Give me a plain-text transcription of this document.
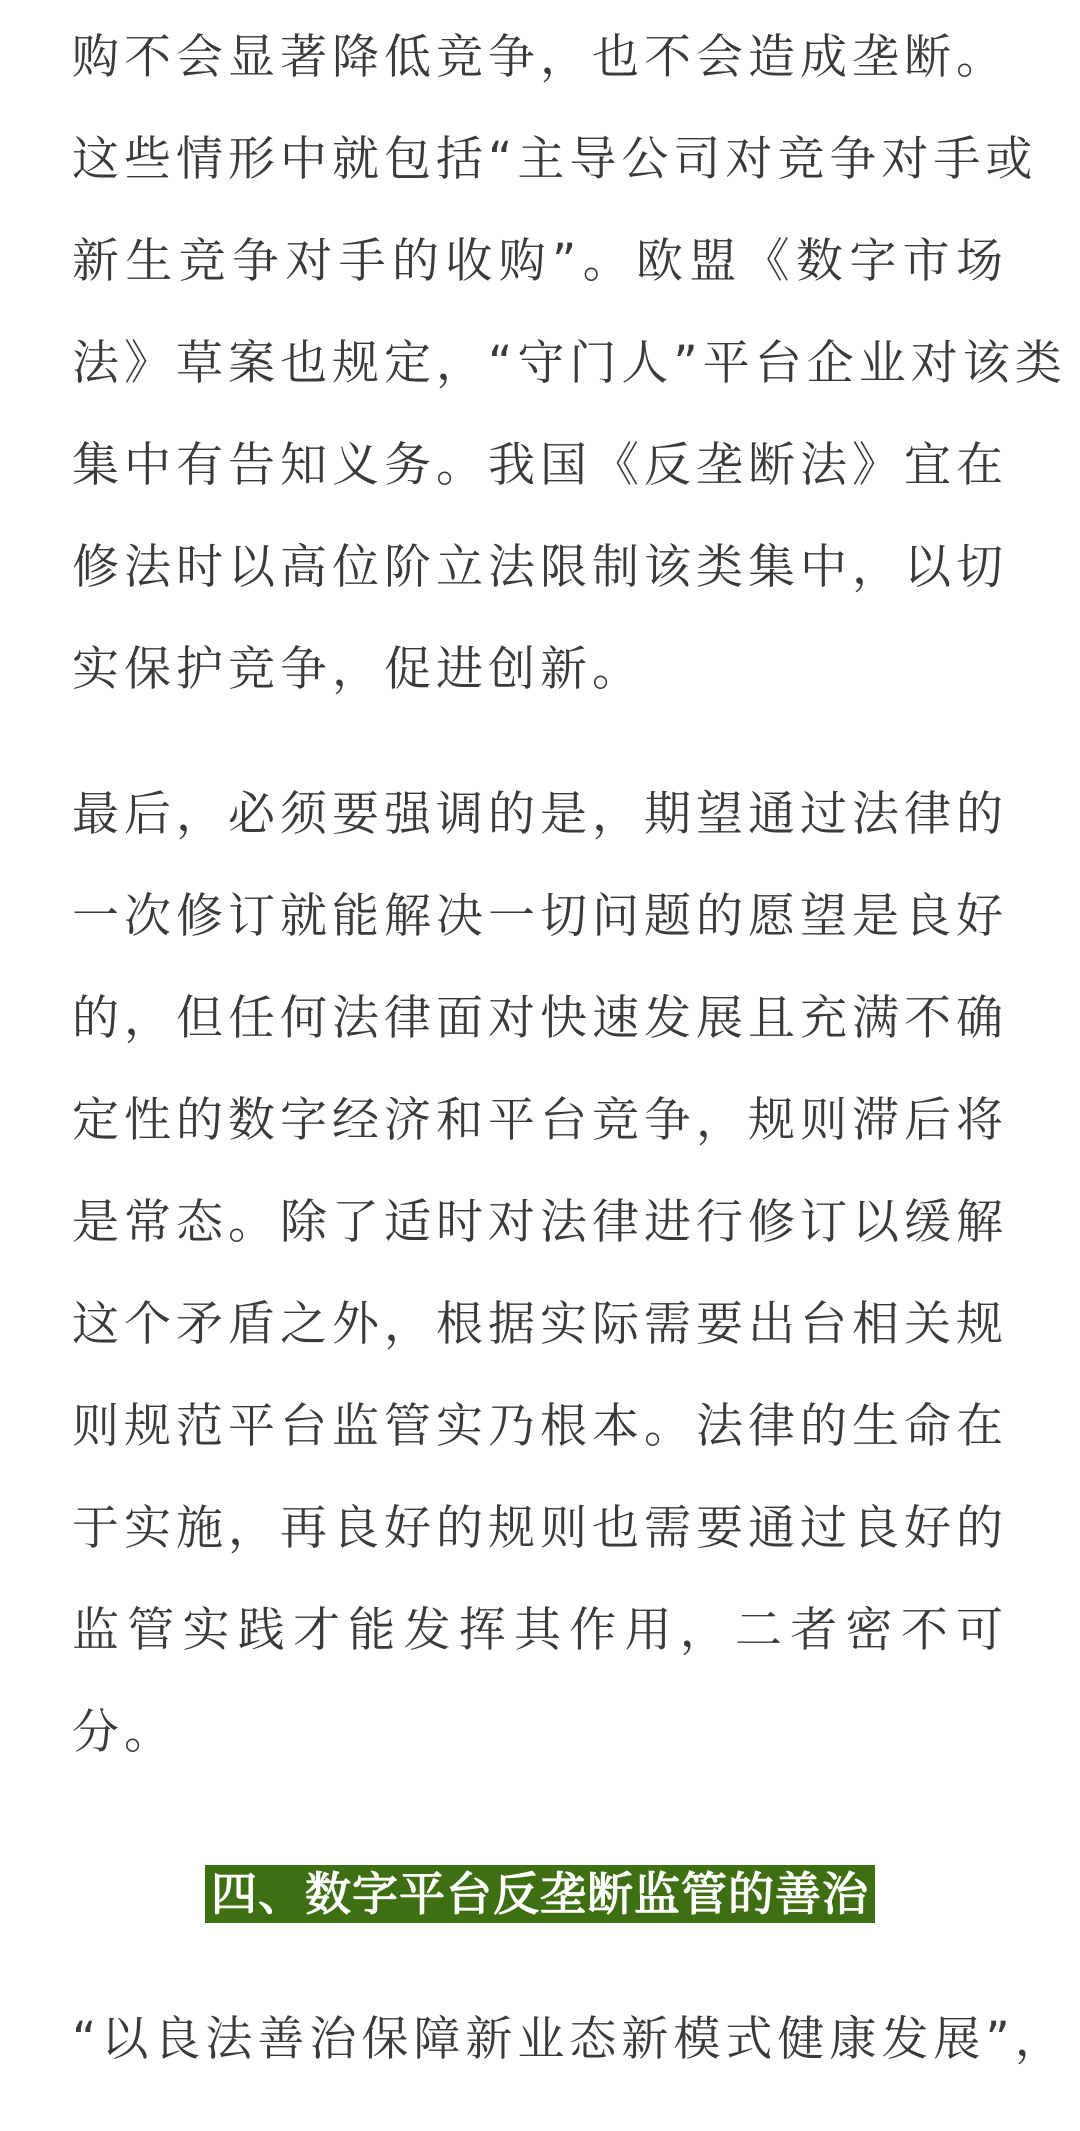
购不会显著降低竞争，也不会造成垄断。
这些情形中就包括“主导公司对竞争对手或
新生竞争对手的收购”。欧盟《数字市场
法》草案也规定，“守门人”平台企业对该类
集中有告知义务。我国《反垄断法》宜在
修法时以高位阶立法限制该类集中，以切
实保护竞争，促进创新。

最后，必须要强调的是，期望通过法律的
一次修订就能解决一切问题的愿望是良好
的，但任何法律面对快速发展且充满不确
定性的数字经济和平台竞争，规则滞后将
是常态。除了适时对法律进行修订以缓解
这个矛盾之外，根据实际需要出台相关规
则规范平台监管实乃根本。法律的生命在
于实施，再良好的规则也需要通过良好的
监管实践才能发挥其作用，二者密不可
分。

四、数字平台反垄断监管的善治

“以良法善治保障新业态新模式健康发展”，
